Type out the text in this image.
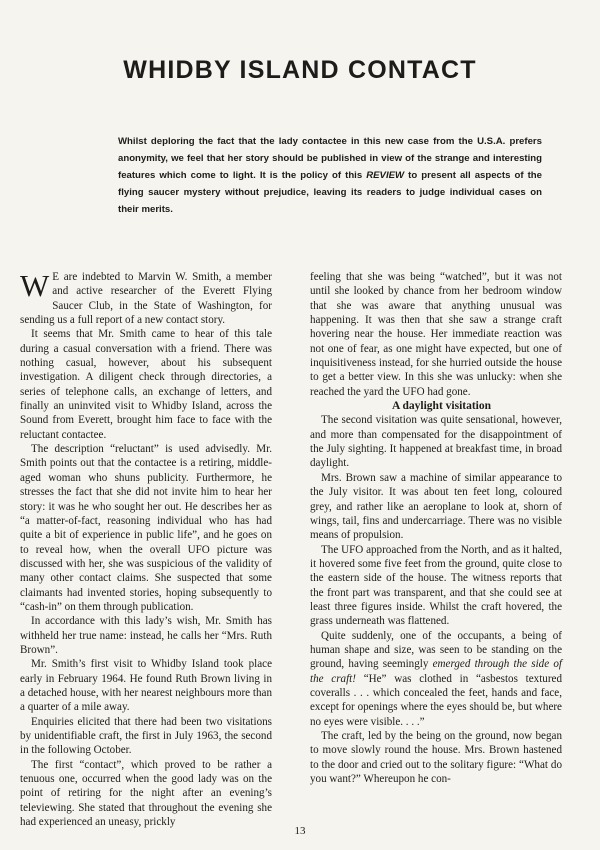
WHIDBY ISLAND CONTACT

Whilst deploring the fact that the lady contactee in this new case from the U.S.A. prefers anonymity, we feel that her story should be published in view of the strange and interesting features which come to light. It is the policy of this REVIEW to present all aspects of the flying saucer mystery without prejudice, leaving its readers to judge individual cases on their merits.

W E are indebted to Marvin W. Smith, a member and active researcher of the Everett Flying Saucer Club, in the State of Washington, for sending us a full report of a new contact story.

It seems that Mr. Smith came to hear of this tale during a casual conversation with a friend. There was nothing casual, however, about his subsequent investigation. A diligent check through directories, a series of telephone calls, an exchange of letters, and finally an uninvited visit to Whidby Island, across the Sound from Everett, brought him face to face with the reluctant contactee.

The description “reluctant” is used advisedly. Mr. Smith points out that the contactee is a retiring, middle-aged woman who shuns publicity. Furthermore, he stresses the fact that she did not invite him to hear her story: it was he who sought her out. He describes her as “a matter-of-fact, reasoning individual who has had quite a bit of experience in public life”, and he goes on to reveal how, when the overall UFO picture was discussed with her, she was suspicious of the validity of many other contact claims. She suspected that some claimants had invented stories, hoping subsequently to “cash-in” on them through publication.

In accordance with this lady’s wish, Mr. Smith has withheld her true name: instead, he calls her “Mrs. Ruth Brown”.

Mr. Smith’s first visit to Whidby Island took place early in February 1964. He found Ruth Brown living in a detached house, with her nearest neighbours more than a quarter of a mile away.

Enquiries elicited that there had been two visitations by unidentifiable craft, the first in July 1963, the second in the following October.

The first “contact”, which proved to be rather a tenuous one, occurred when the good lady was on the point of retiring for the night after an evening’s televiewing. She stated that throughout the evening she had experienced an uneasy, prickly

feeling that she was being “watched”, but it was not until she looked by chance from her bedroom window that she was aware that anything unusual was happening. It was then that she saw a strange craft hovering near the house. Her immediate reaction was not one of fear, as one might have expected, but one of inquisitiveness instead, for she hurried outside the house to get a better view. In this she was unlucky: when she reached the yard the UFO had gone.

A daylight visitation

The second visitation was quite sensational, however, and more than compensated for the disappointment of the July sighting. It happened at breakfast time, in broad daylight.

Mrs. Brown saw a machine of similar appearance to the July visitor. It was about ten feet long, coloured grey, and rather like an aeroplane to look at, shorn of wings, tail, fins and undercarriage. There was no visible means of propulsion.

The UFO approached from the North, and as it halted, it hovered some five feet from the ground, quite close to the eastern side of the house. The witness reports that the front part was transparent, and that she could see at least three figures inside. Whilst the craft hovered, the grass underneath was flattened.

Quite suddenly, one of the occupants, a being of human shape and size, was seen to be standing on the ground, having seemingly emerged through the side of the craft! “He” was clothed in “asbestos textured coveralls . . . which concealed the feet, hands and face, except for openings where the eyes should be, but where no eyes were visible. . . .”

The craft, led by the being on the ground, now began to move slowly round the house. Mrs. Brown hastened to the door and cried out to the solitary figure: “What do you want?” Whereupon he con-

13
